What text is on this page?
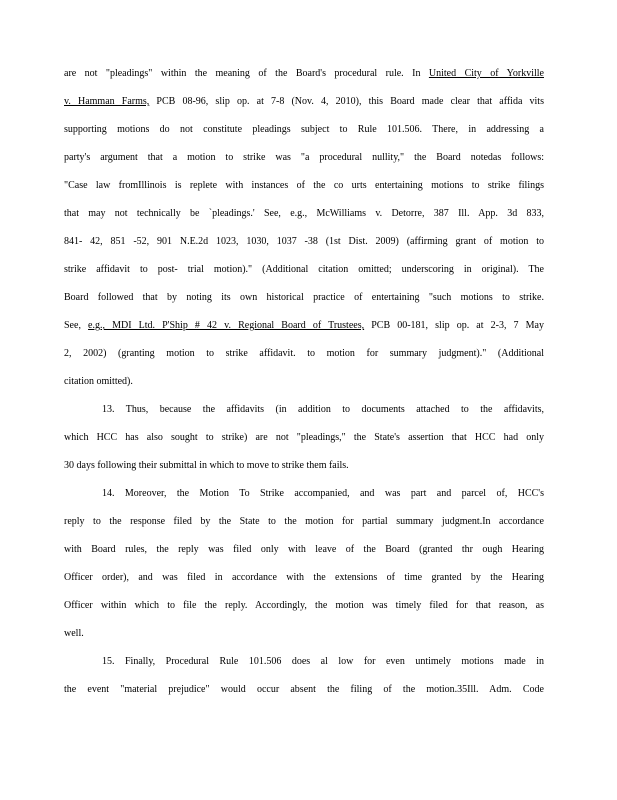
are not "pleadings" within the meaning of the Board's procedural rule. In United City of Yorkville
v. Hamman Farms, PCB 08-96, slip op. at 7-8 (Nov. 4, 2010), this Board made clear that affida vits
supporting motions do not constitute pleadings subject to Rule 101.506. There, in addressing a
party's argument that a motion to strike was "a procedural nullity," the Board notedas follows:
"Case law fromIllinois is replete with instances of the co urts entertaining motions to strike filings
that may not technically be `pleadings.' See, e.g., McWilliams v. Detorre, 387 Ill. App. 3d 833,
841- 42, 851 -52, 901 N.E.2d 1023, 1030, 1037 -38 (1st Dist. 2009) (affirming grant of motion to
strike affidavit to post- trial motion)." (Additional citation omitted; underscoring in original). The
Board followed that by noting its own historical practice of entertaining "such motions to strike.
See, e.g., MDI Ltd. P'Ship # 42 v. Regional Board of Trustees, PCB 00-181, slip op. at 2-3, 7 May
2, 2002) (granting motion to strike affidavit. to motion for summary judgment)." (Additional
citation omitted).
13. Thus, because the affidavits (in addition to documents attached to the affidavits,
which HCC has also sought to strike) are not "pleadings," the State's assertion that HCC had only
30 days following their submittal in which to move to strike them fails.
14. Moreover, the Motion To Strike accompanied, and was part and parcel of, HCC's
reply to the response filed by the State to the motion for partial summary judgment.In accordance
with Board rules, the reply was filed only with leave of the Board (granted thr ough Hearing
Officer order), and was filed in accordance with the extensions of time granted by the Hearing
Officer within which to file the reply. Accordingly, the motion was timely filed for that reason, as
well.
15. Finally, Procedural Rule 101.506 does al low for even untimely motions made in
the event "material prejudice" would occur absent the filing of the motion.35Ill. Adm. Code
